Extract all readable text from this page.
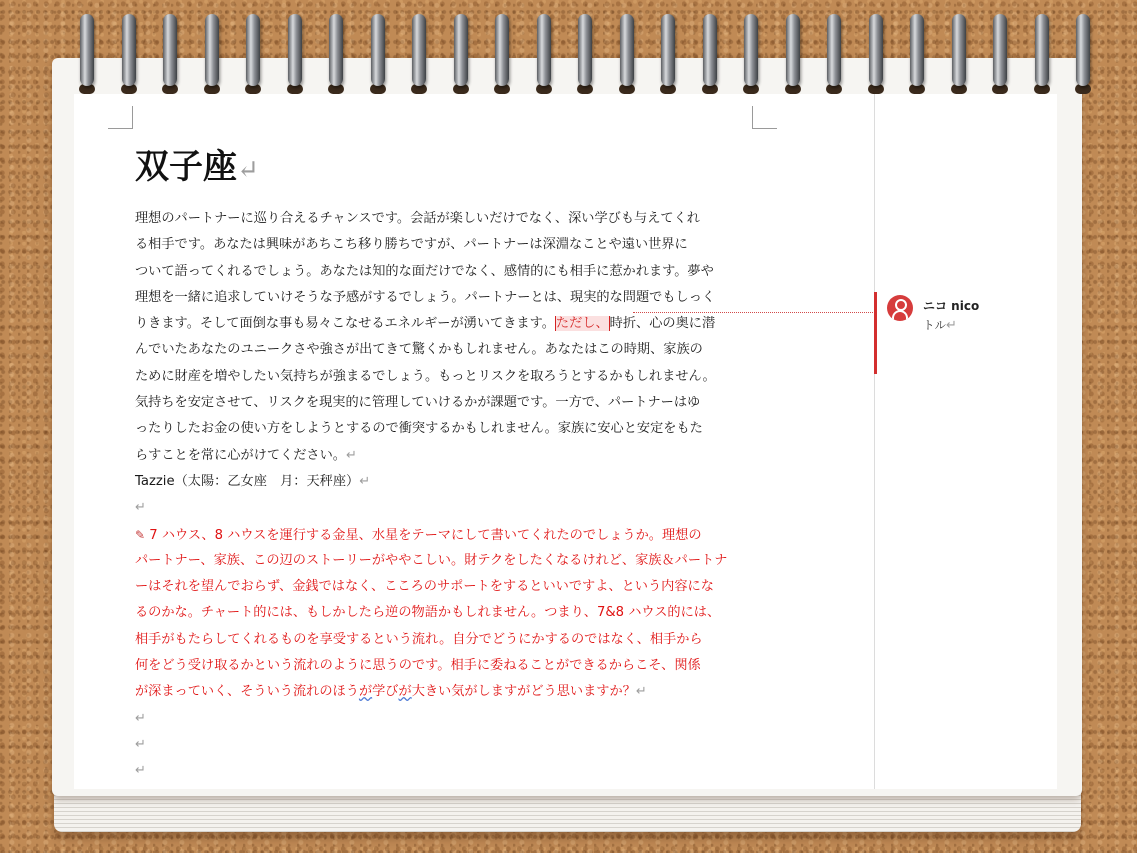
双子座↵

理想のパートナーに巡り合えるチャンスです。会話が楽しいだけでなく、深い学びも与えてくれ
る相手です。あなたは興味があちこち移り勝ちですが、パートナーは深淵なことや遠い世界に
ついて語ってくれるでしょう。あなたは知的な面だけでなく、感情的にも相手に惹かれます。夢や
理想を一緒に追求していけそうな予感がするでしょう。パートナーとは、現実的な問題でもしっく
りきます。そして面倒な事も易々こなせるエネルギーが湧いてきます。ただし、時折、心の奥に潜
んでいたあなたのユニークさや強さが出てきて驚くかもしれません。あなたはこの時期、家族の
ために財産を増やしたい気持ちが強まるでしょう。もっとリスクを取ろうとするかもしれません。
気持ちを安定させて、リスクを現実的に管理していけるかが課題です。一方で、パートナーはゆ
ったりしたお金の使い方をしようとするので衝突するかもしれません。家族に安心と安定をもた
らすことを常に心がけてください。↵
Tazzie（太陽：乙女座　月：天秤座）↵
↵

✎ 7 ハウス、8 ハウスを運行する金星、水星をテーマにして書いてくれたのでしょうか。理想の
パートナー、家族、この辺のストーリーがややこしい。財テクをしたくなるけれど、家族＆パートナ
ーはそれを望んでおらず、金銭ではなく、こころのサポートをするといいですよ、という内容にな
るのかな。チャート的には、もしかしたら逆の物語かもしれません。つまり、7&8 ハウス的には、
相手がもたらしてくれるものを享受するという流れ。自分でどうにかするのではなく、相手から
何をどう受け取るかという流れのように思うのです。相手に委ねることができるからこそ、関係
が深まっていく、そういう流れのほうが学びが大きい気がしますがどう思いますか？↵

↵
↵
↵

ニコ nico
トル↵
